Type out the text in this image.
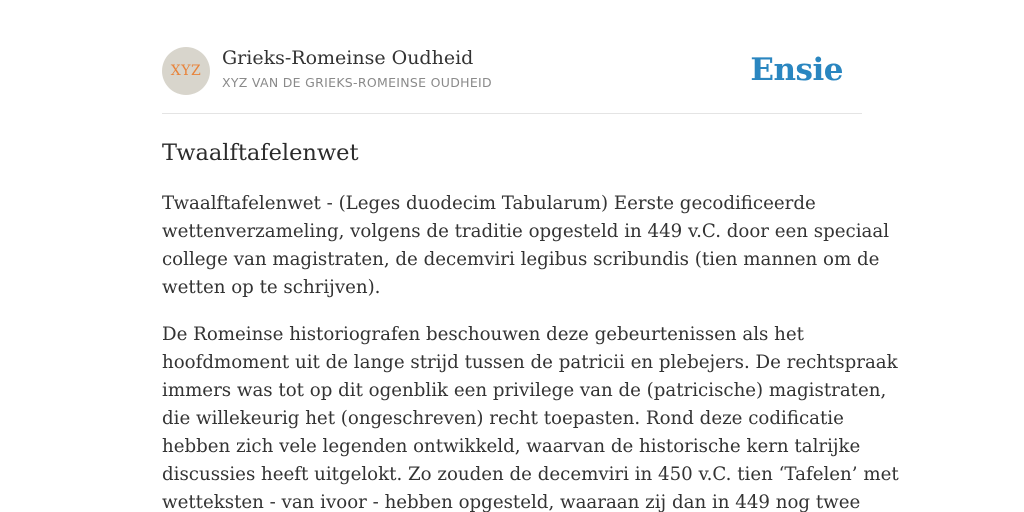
XYZ
Grieks-Romeinse Oudheid
XYZ VAN DE GRIEKS-ROMEINSE OUDHEID	Ensie
Twaalftafelenwet

Twaalftafelenwet - (Leges duodecim Tabularum) Eerste gecodificeerde
wettenverzameling, volgens de traditie opgesteld in 449 v.C. door een speciaal
college van magistraten, de decemviri legibus scribundis (tien mannen om de
wetten op te schrijven).

De Romeinse historiografen beschouwen deze gebeurtenissen als het
hoofdmoment uit de lange strijd tussen de patricii en plebejers. De rechtspraak
immers was tot op dit ogenblik een privilege van de (patricische) magistraten,
die willekeurig het (ongeschreven) recht toepasten. Rond deze codificatie
hebben zich vele legenden ontwikkeld, waarvan de historische kern talrijke
discussies heeft uitgelokt. Zo zouden de decemviri in 450 v.C. tien ‘Tafelen’ met
wetteksten - van ivoor - hebben opgesteld, waaraan zij dan in 449 nog twee
